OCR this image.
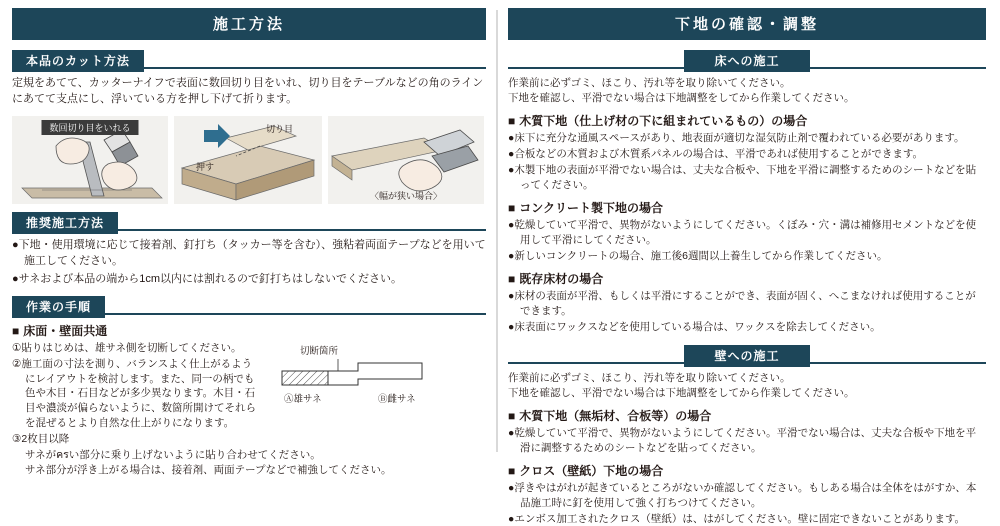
施工方法
本品のカット方法

定規をあてて、カッターナイフで表面に数回切り目をいれ、切り目をテーブルなどの角のラインにあてて支点にし、浮いている方を押し下げて折ります。

数回切り目をいれる
押す
切り目
〈幅が狭い場合〉
推奨施工方法

●下地・使用環境に応じて接着剤、釘打ち（タッカー等を含む）、強粘着両面テープなどを用いて施工してください。

●サネおよび本品の端から1cm以内には割れるので釘打ちはしないでください。

作業の手順
■ 床面・壁面共通
①貼りはじめは、雄サネ側を切断してください。
②施工面の寸法を測り、バランスよく仕上がるようにレイアウトを検討します。また、同一の柄でも色や木目・石目などが多少異なります。木目・石目や濃淡が偏らないように、数箇所開けてそれらを混ぜるとより自然な仕上がりになります。
③2枚目以降
切断箇所
Ⓐ雄サネ	Ⓑ雌サネ

サネがครい部分に乗り上げないように貼り合わせてください。

サネ部分が浮き上がる場合は、接着剤、両面テープなどで補強してください。

下地の確認・調整
床への施工

作業前に必ずゴミ、ほこり、汚れ等を取り除いてください。

下地を確認し、平滑でない場合は下地調整をしてから作業してください。

■ 木質下地（仕上げ材の下に組まれているもの）の場合
●床下に充分な通風スペースがあり、地表面が適切な湿気防止剤で覆われている必要があります。
●合板などの木質および木質系パネルの場合は、平滑であれば使用することができます。
●木製下地の表面が平滑でない場合は、丈夫な合板や、下地を平滑に調整するためのシートなどを貼ってください。
■ コンクリート製下地の場合
●乾燥していて平滑で、異物がないようにしてください。くぼみ・穴・溝は補修用セメントなどを使用して平滑にしてください。
●新しいコンクリートの場合、施工後6週間以上養生してから作業してください。
■ 既存床材の場合
●床材の表面が平滑、もしくは平滑にすることができ、表面が固く、へこまなければ使用することができます。
●床表面にワックスなどを使用している場合は、ワックスを除去してください。
壁への施工

作業前に必ずゴミ、ほこり、汚れ等を取り除いてください。

下地を確認し、平滑でない場合は下地調整をしてから作業してください。

■ 木質下地（無垢材、合板等）の場合
●乾燥していて平滑で、異物がないようにしてください。平滑でない場合は、丈夫な合板や下地を平滑に調整するためのシートなどを貼ってください。
■ クロス（壁紙）下地の場合
●浮きやはがれが起きているところがないか確認してください。もしある場合は全体をはがすか、本品施工時に釘を使用して強く打ちつけてください。
●エンボス加工されたクロス（壁紙）は、はがしてください。壁に固定できないことがあります。
